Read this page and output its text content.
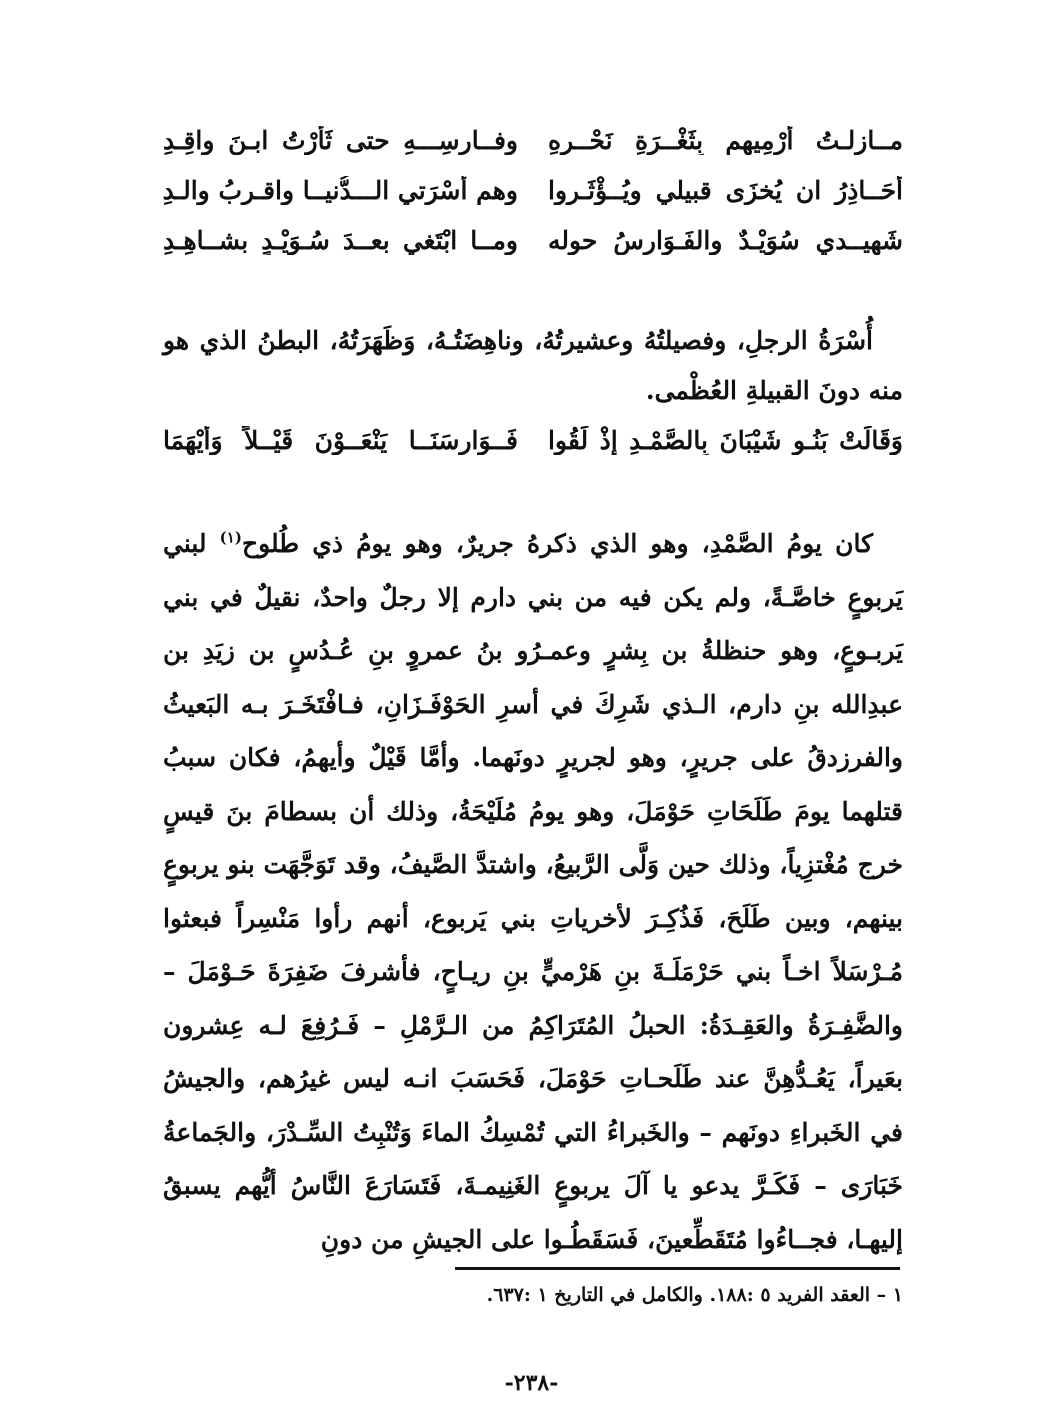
مــازلـتُ أَرْمِيهم بِثَغْــرَةِ نَحْــرِهِ
وفــارِسِـــهِ حتى ثَأَرْتُ ابـنَ واقِـدِ
أُحَــاذِرُ ان يُخزَى قبيلي ويُــؤْثَـروا
وهم أُسْرَتي الـــدُّنيــا واقـربُ والـدِ
شَهيــدي سُوَيْـدٌ والفَـوَارِسُ حوله
ومــا ابْتَغي بعــدَ سُـوَيْـدٍ بشــاهِـدِ

أُسْرَةُ الرجلِ، وفصيلتُهُ وعشيرتُهُ، وناهِضَتُـهُ، وَظَهَرَتُهُ، البطنُ الذي هو منه دونَ القبيلةِ العُظْمى.

وَقَالَتْ بَنُـو شَيْبَانَ بِالصَّمْـدِ إِذْ لَقُوا
فَــوَارِسَنَــا يَنْعَــوْنَ قَيْــلاً وَأَيْهَمَا

كان يومُ الصَّمْدِ، وهو الذي ذكرهُ جريرٌ، وهو يومُ ذي طُلوح$^{(١)}$ لبني يَربوعٍ خاصَّـةً، ولم يكن فيه من بني دارم إلا رجلٌ واحدٌ، نقيلٌ في بني يَربـوعٍ، وهو حنظلةُ بن بِشرٍ وعمـرُو بنُ عمروٍ بنِ عُـدُسٍ بن زيَدِ بن عبدِالله بنِ دارم، الـذي شَرِكَ في أسرِ الحَوْفَـزَانِ، فـافْتَخَـرَ بـه البَعيثُ والفرزدقُ على جريرٍ، وهو لجريرٍ دونَهما. وأمَّا قَيْلٌ وأيهمُ، فكان سببُ قتلهما يومَ طَلَحَاتِ حَوْمَلَ، وهو يومُ مُلَيْحَةُ، وذلك أن بسطامَ بنَ قيسٍ خرج مُغْتزِياً، وذلك حين وَلَّى الرَّبيعُ، واشتدَّ الصَّيفُ، وقد تَوَجَّهَت بنو يربوعٍ بينهم، وبين طَلَحَ، فَذُكِـرَ لأخرياتِ بني يَربوع، أنهم رأوا مَنْسِراً فبعثوا مُـرْسَلاً اخـاً بني حَرْمَلَـةَ بنِ هَرْميٍّ بنِ ريـاحٍ، فأشرفَ ضَفِرَةَ حَـوْمَلَ – والضَّفِـرَةُ والعَقِـدَةُ: الحبلُ المُتَرَاكِمُ من الـرَّمْلِ – فَـرُفِعَ لـه عِشرون بعَيراً، يَعُـدُّهِنَّ عند طَلَحـاتِ حَوْمَلَ، فَحَسَبَ انـه ليس غيرُهم، والجيشُ في الخَبراءِ دونَهم – والخَبراءُ التي تُمْسِكُ الماءَ وَتُنْبِتُ السِّـدْرَ، والجَماعةُ خَبَارَى – فَكَـرَّ يدعو يا آلَ يربوعٍ الغَنِيمـةَ، فَتَسَارَعَ النَّاسُ أيُّهم يسبقُ إليهـا، فجــاءُوا مُتَقَطِّعينَ، فَسَقَطُـوا على الجيشِ من دونِ

١ – العقد الفريد ٥ :١٨٨. والكامل في التاريخ ١ :٦٣٧.

-٢٣٨-
